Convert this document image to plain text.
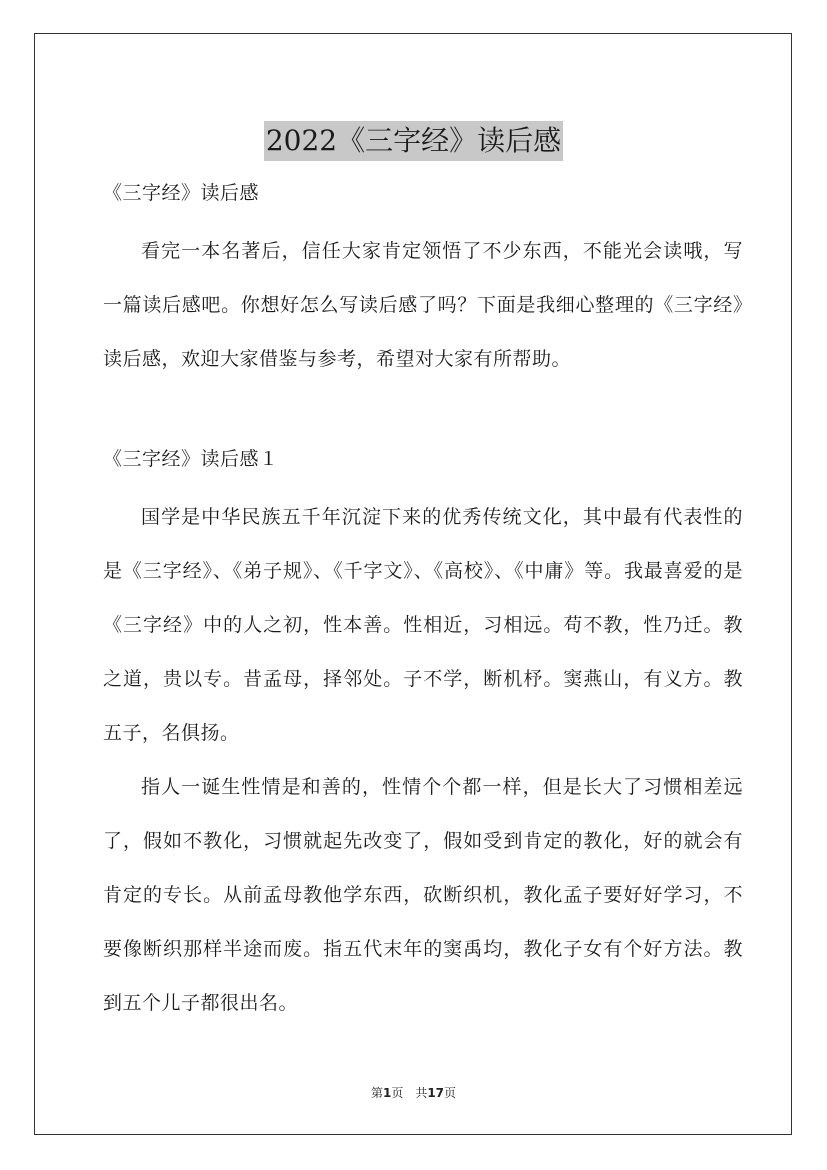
2022《三字经》读后感
《三字经》读后感

看完一本名著后，信任大家肯定领悟了不少东西，不能光会读哦，写一篇读后感吧。你想好怎么写读后感了吗？下面是我细心整理的《三字经》读后感，欢迎大家借鉴与参考，希望对大家有所帮助。

《三字经》读后感１

国学是中华民族五千年沉淀下来的优秀传统文化，其中最有代表性的是《三字经》、《弟子规》、《千字文》、《高校》、《中庸》等。我最喜爱的是《三字经》中的人之初，性本善。性相近，习相远。苟不教，性乃迁。教之道，贵以专。昔孟母，择邻处。子不学，断机杼。窦燕山，有义方。教五子，名俱扬。

指人一诞生性情是和善的，性情个个都一样，但是长大了习惯相差远了，假如不教化，习惯就起先改变了，假如受到肯定的教化，好的就会有肯定的专长。从前孟母教他学东西，砍断织机，教化孟子要好好学习，不要像断织那样半途而废。指五代末年的窦禹均，教化子女有个好方法。教到五个儿子都很出名。

第1页　共17页
